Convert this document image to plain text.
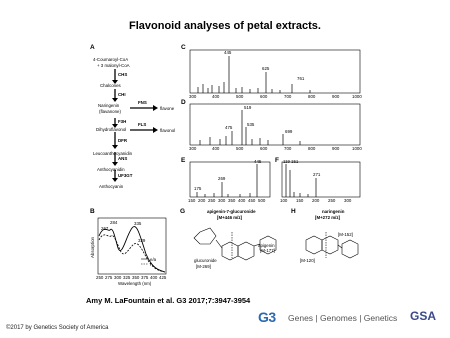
Flavonoid analyses of petal extracts.
A
4-Coumaroyl-CoA
+ 3 malonyl-CoA
CHS
Chalcones
CHI
Naringenin
(flavanone)
F3H
Dihydroflavonol
DFR
Leucoanthocyanidin
ANS
Anthocyanidin
UF3GT
Anthocyanin
FNS
flavone
FLS
flavonol
B
267
284	335
329
e/a
f
Absorption
250 275 300 325 350 375 400 425
Wavelength (nm)
C
445
625
761
300	400	500	600	700	800	900	1000
D
519
475
535
699
300	400	500	600	700	800	900	1000
E	445
269
175
150 200 250 300 350 400 450 500
F 119 151
271
100 150 200 250 300
G	apigenin-7-glucuronide
[M+446 m/z]
apigenin
[M-177]
glucuronide
[M-269]
H	naringenin
[M+272 m/z]
[M-152]
[M-120]
Amy M. LaFountain et al. G3 2017;7:3947-3954
G3 Genes | Genomes | Genetics GSA
©2017 by Genetics Society of America
